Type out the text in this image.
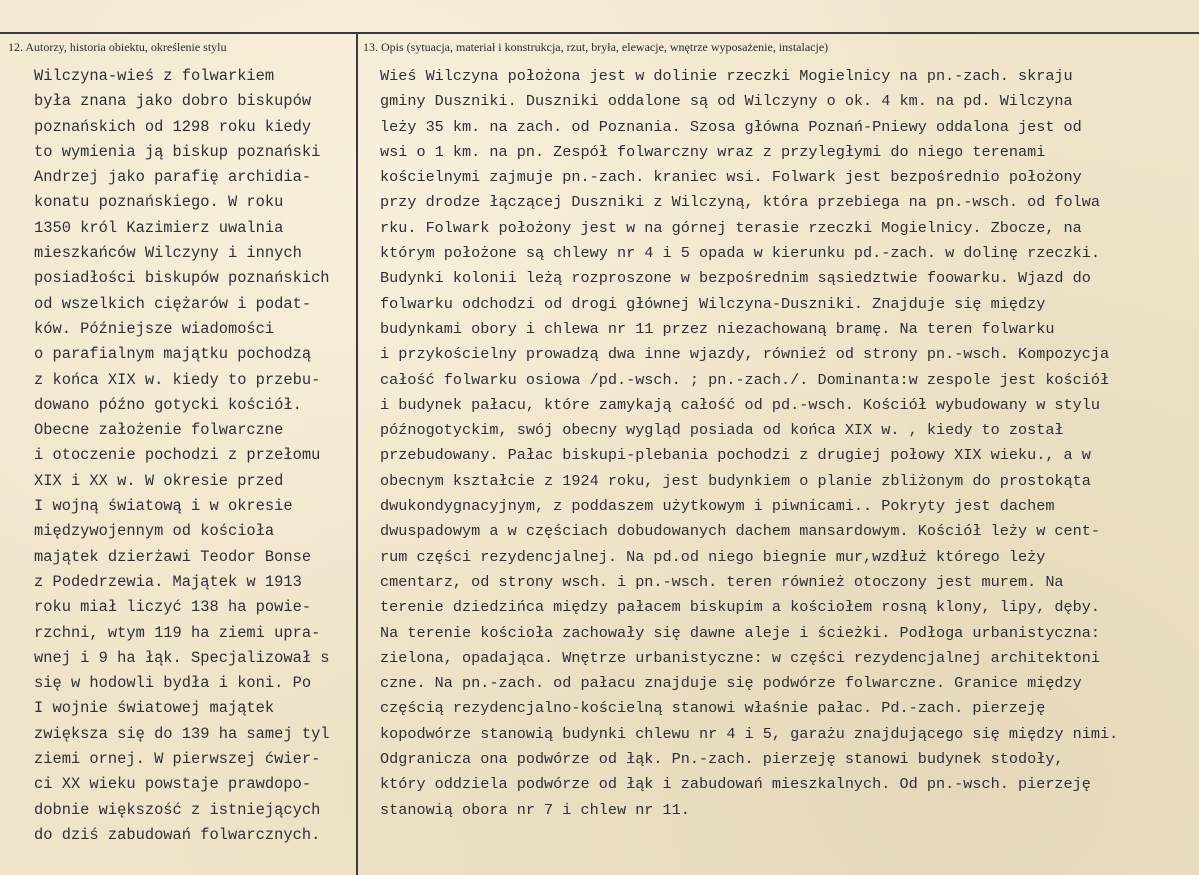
12. Autorzy, historia obiektu, określenie stylu	13. Opis (sytuacja, materiał i konstrukcja, rzut, bryła, elewacje, wnętrze wyposażenie, instalacje)
Wilczyna-wieś z folwarkiem
była znana jako dobro biskupów
poznańskich od 1298 roku kiedy
to wymienia ją biskup poznański
Andrzej jako parafię archidia-
konatu poznańskiego. W roku
1350 król Kazimierz uwalnia
mieszkańców Wilczyny i innych
posiadłości biskupów poznańskich
od wszelkich ciężarów i podat-
ków. Późniejsze wiadomości
o parafialnym majątku pochodzą
z końca XIX w. kiedy to przebu-
dowano późno gotycki kościół.
Obecne założenie folwarczne
i otoczenie pochodzi z przełomu
XIX i XX w. W okresie przed
I wojną światową i w okresie
międzywojennym od kościoła
majątek dzierżawi Teodor Bonse
z Podedrzewia. Majątek w 1913
roku miał liczyć 138 ha powie-
rzchni, wtym 119 ha ziemi upra-
wnej i 9 ha łąk. Specjalizował s
się w hodowli bydła i koni. Po
I wojnie światowej majątek
zwiększa się do 139 ha samej tyl
ziemi ornej. W pierwszej ćwier-
ci XX wieku powstaje prawdopo-
dobnie większość z istniejących
do dziś zabudowań folwarcznych.
Wieś Wilczyna położona jest w dolinie rzeczki Mogielnicy na pn.-zach. skraju
gminy Duszniki. Duszniki oddalone są od Wilczyny o ok. 4 km. na pd. Wilczyna
leży 35 km. na zach. od Poznania. Szosa główna Poznań-Pniewy oddalona jest od
wsi o 1 km. na pn. Zespół folwarczny wraz z przyległymi do niego terenami
kościelnymi zajmuje pn.-zach. kraniec wsi. Folwark jest bezpośrednio położony
przy drodze łączącej Duszniki z Wilczyną, która przebiega na pn.-wsch. od folwa
rku. Folwark położony jest w na górnej terasie rzeczki Mogielnicy. Zbocze, na
którym położone są chlewy nr 4 i 5 opada w kierunku pd.-zach. w dolinę rzeczki.
Budynki kolonii leżą rozproszone w bezpośrednim sąsiedztwie foowarku. Wjazd do
folwarku odchodzi od drogi głównej Wilczyna-Duszniki. Znajduje się między
budynkami obory i chlewa nr 11 przez niezachowaną bramę. Na teren folwarku
i przykościelny prowadzą dwa inne wjazdy, również od strony pn.-wsch. Kompozycja
całość folwarku osiowa /pd.-wsch. ; pn.-zach./. Dominanta:w zespole jest kościół
i budynek pałacu, które zamykają całość od pd.-wsch. Kościół wybudowany w stylu
późnogotyckim, swój obecny wygląd posiada od końca XIX w. , kiedy to został
przebudowany. Pałac biskupi-plebania pochodzi z drugiej połowy XIX wieku., a w
obecnym kształcie z 1924 roku, jest budynkiem o planie zbliżonym do prostokąta
dwukondygnacyjnym, z poddaszem użytkowym i piwnicami.. Pokryty jest dachem
dwuspadowym a w częściach dobudowanych dachem mansardowym. Kościół leży w cent-
rum części rezydencjalnej. Na pd.od niego biegnie mur,wzdłuż którego leży
cmentarz, od strony wsch. i pn.-wsch. teren również otoczony jest murem. Na
terenie dziedzińca między pałacem biskupim a kościołem rosną klony, lipy, dęby.
Na terenie kościoła zachowały się dawne aleje i ścieżki. Podłoga urbanistyczna:
zielona, opadająca. Wnętrze urbanistyczne: w części rezydencjalnej architektoni
czne. Na pn.-zach. od pałacu znajduje się podwórze folwarczne. Granice między
częścią rezydencjalno-kościelną stanowi właśnie pałac. Pd.-zach. pierzeję
kopodwórze stanowią budynki chlewu nr 4 i 5, garażu znajdującego się między nimi.
Odgranicza ona podwórze od łąk. Pn.-zach. pierzeję stanowi budynek stodoły,
który oddziela podwórze od łąk i zabudowań mieszkalnych. Od pn.-wsch. pierzeję
stanowią obora nr 7 i chlew nr 11.
